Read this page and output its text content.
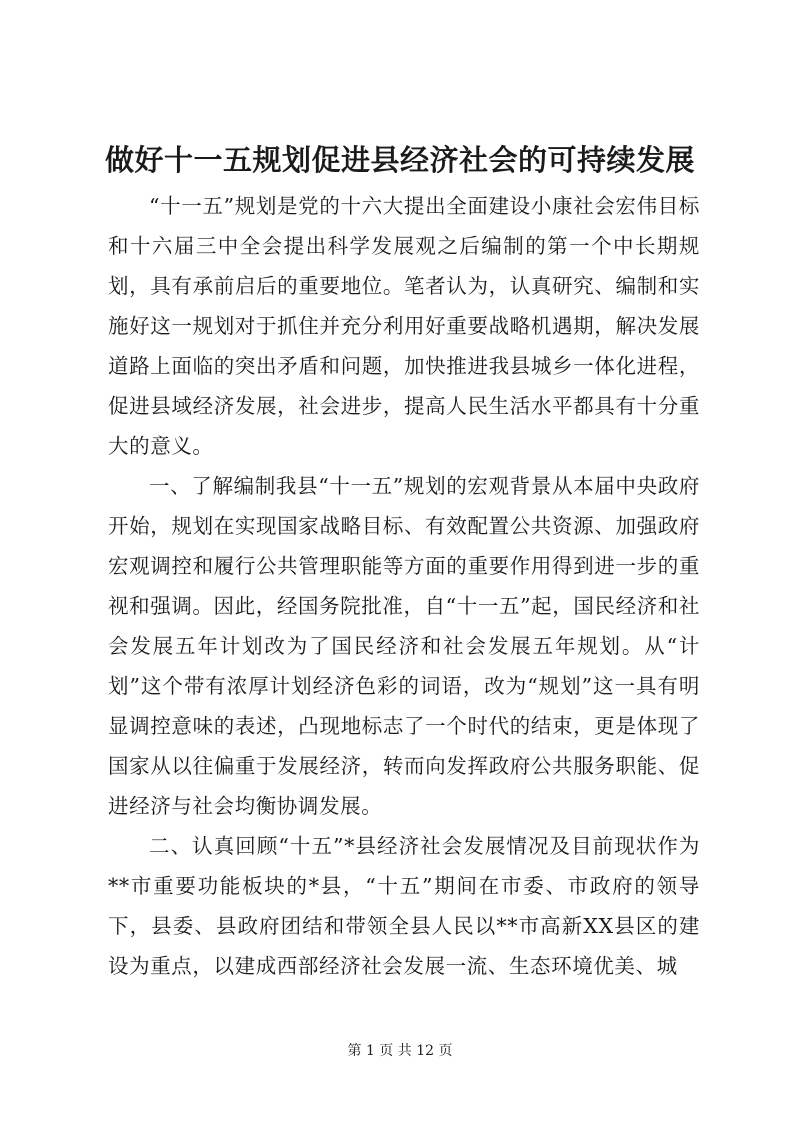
做好十一五规划促进县经济社会的可持续发展

“十一五”规划是党的十六大提出全面建设小康社会宏伟目标和十六届三中全会提出科学发展观之后编制的第一个中长期规划，具有承前启后的重要地位。笔者认为，认真研究、编制和实施好这一规划对于抓住并充分利用好重要战略机遇期，解决发展道路上面临的突出矛盾和问题，加快推进我县城乡一体化进程，促进县域经济发展，社会进步，提高人民生活水平都具有十分重大的意义。

一、了解编制我县“十一五”规划的宏观背景从本届中央政府开始，规划在实现国家战略目标、有效配置公共资源、加强政府宏观调控和履行公共管理职能等方面的重要作用得到进一步的重视和强调。因此，经国务院批准，自“十一五”起，国民经济和社会发展五年计划改为了国民经济和社会发展五年规划。从“计划”这个带有浓厚计划经济色彩的词语，改为“规划”这一具有明显调控意味的表述，凸现地标志了一个时代的结束，更是体现了国家从以往偏重于发展经济，转而向发挥政府公共服务职能、促进经济与社会均衡协调发展。

二、认真回顾“十五”*县经济社会发展情况及目前现状作为**市重要功能板块的*县，“十五”期间在市委、市政府的领导下，县委、县政府团结和带领全县人民以**市高新XX县区的建设为重点，以建成西部经济社会发展一流、生态环境优美、城

第 1 页 共 12 页
